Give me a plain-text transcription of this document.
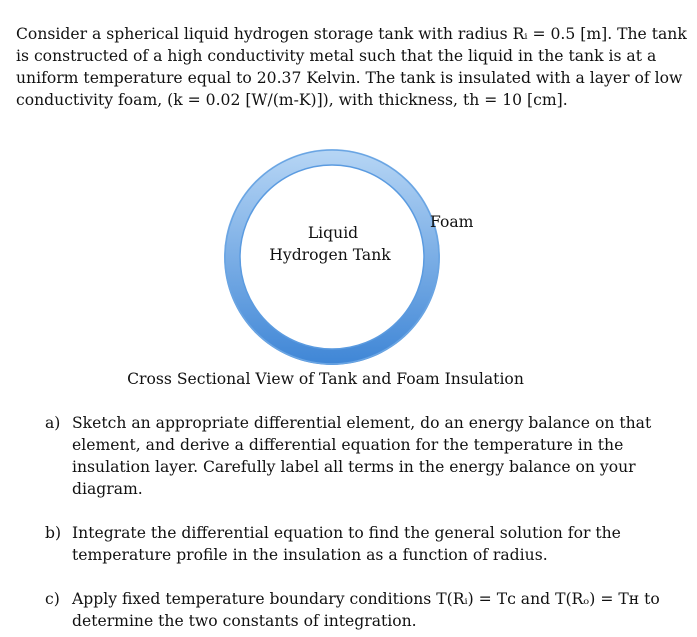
Consider a spherical liquid hydrogen storage tank with radius Rᵢ = 0.5 [m]. The tank is constructed of a high conductivity metal such that the liquid in the tank is at a uniform temperature equal to 20.37 Kelvin. The tank is insulated with a layer of low conductivity foam, (k = 0.02 [W/(m-K)]), with thickness, th = 10 [cm].

Liquid
Hydrogen Tank
Foam
Cross Sectional View of Tank and Foam Insulation
a) Sketch an appropriate differential element, do an energy balance on that element, and derive a differential equation for the temperature in the insulation layer. Carefully label all terms in the energy balance on your diagram.
b) Integrate the differential equation to find the general solution for the temperature profile in the insulation as a function of radius.
c) Apply fixed temperature boundary conditions T(Rᵢ) = Tᴄ and T(Rₒ) = Tʜ to determine the two constants of integration.
